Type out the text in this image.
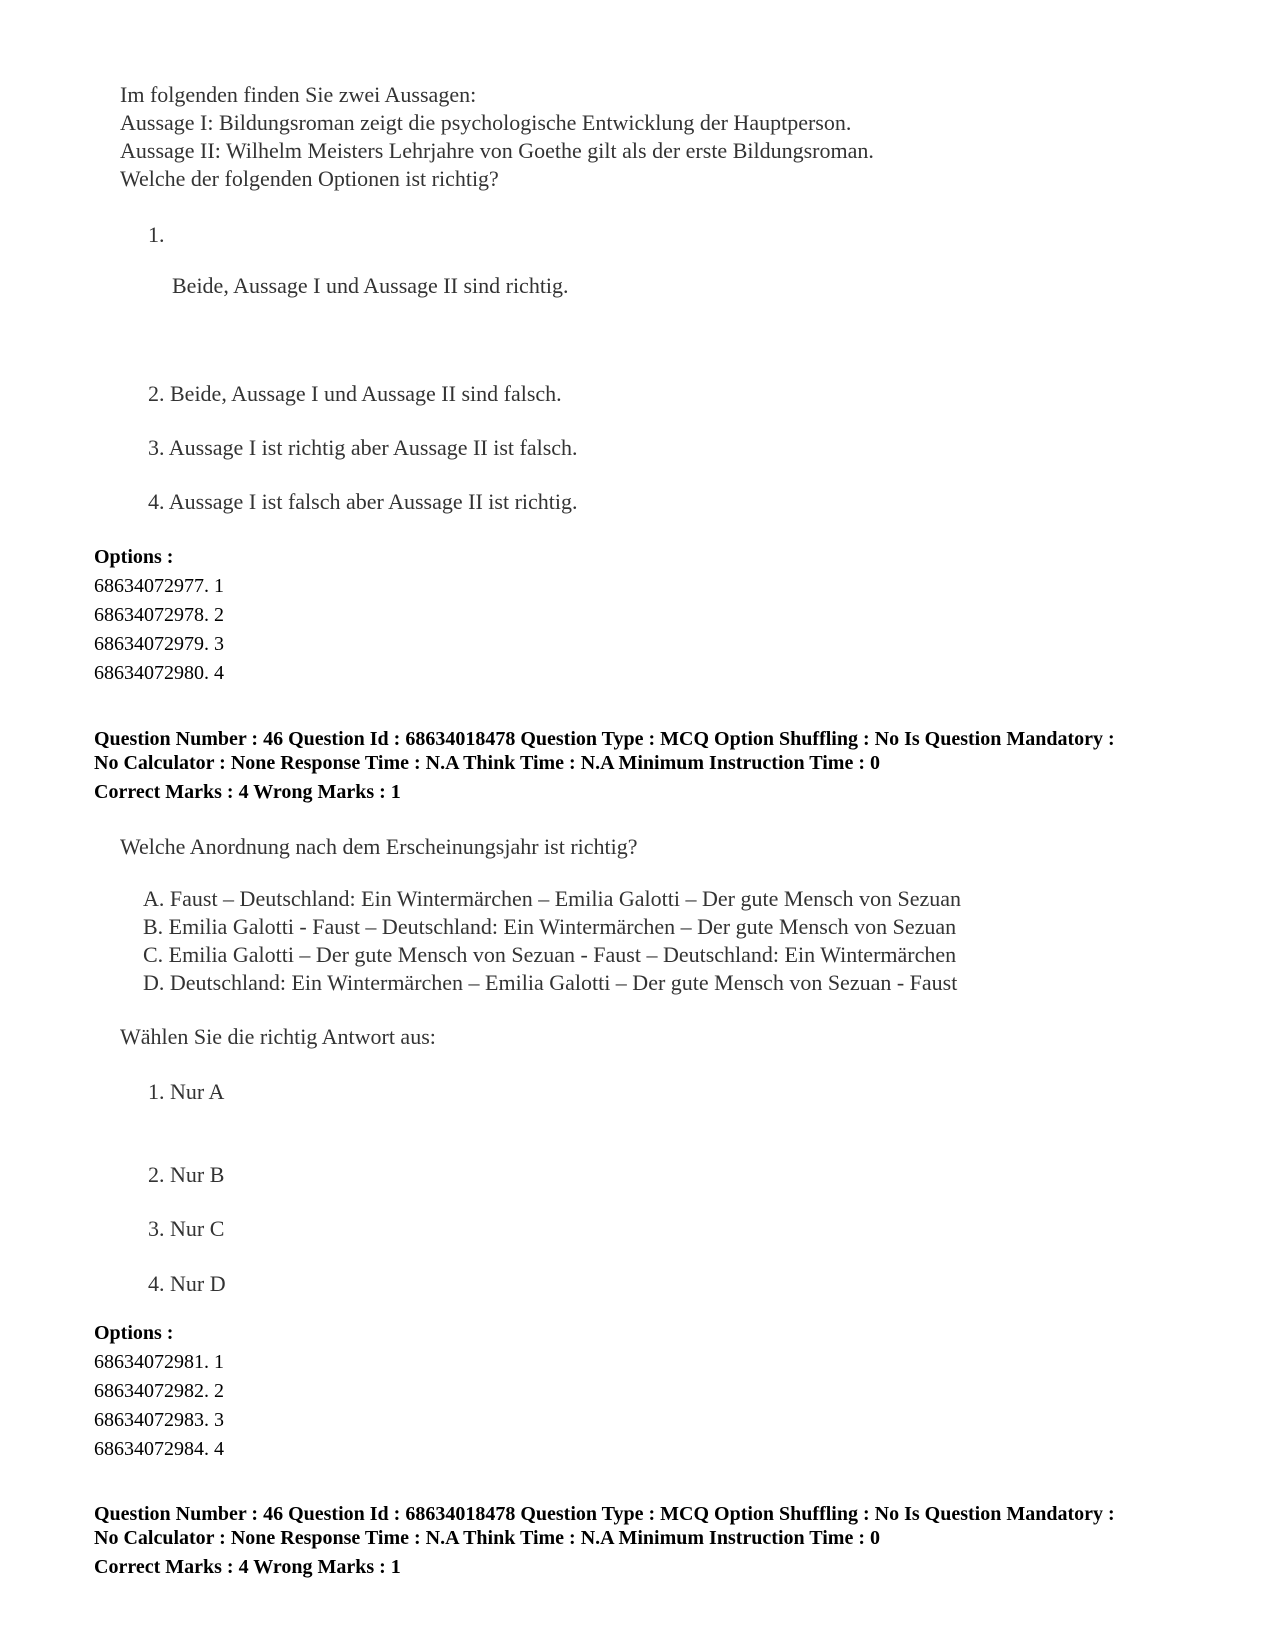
Im folgenden finden Sie zwei Aussagen:
Aussage I: Bildungsroman zeigt die psychologische Entwicklung der Hauptperson.
Aussage II: Wilhelm Meisters Lehrjahre von Goethe gilt als der erste Bildungsroman.
Welche der folgenden Optionen ist richtig?
1.
Beide, Aussage I und Aussage II sind richtig.
2. Beide, Aussage I und Aussage II sind falsch.
3. Aussage I ist richtig aber Aussage II ist falsch.
4. Aussage I ist falsch aber Aussage II ist richtig.
Options :
68634072977. 1
68634072978. 2
68634072979. 3
68634072980. 4
Question Number : 46 Question Id : 68634018478 Question Type : MCQ Option Shuffling : No Is Question Mandatory :
No Calculator : None Response Time : N.A Think Time : N.A Minimum Instruction Time : 0
Correct Marks : 4 Wrong Marks : 1
Welche Anordnung nach dem Erscheinungsjahr ist richtig?
A. Faust – Deutschland: Ein Wintermärchen – Emilia Galotti – Der gute Mensch von Sezuan
B. Emilia Galotti - Faust – Deutschland: Ein Wintermärchen – Der gute Mensch von Sezuan
C. Emilia Galotti – Der gute Mensch von Sezuan - Faust – Deutschland: Ein Wintermärchen
D. Deutschland: Ein Wintermärchen – Emilia Galotti – Der gute Mensch von Sezuan - Faust
Wählen Sie die richtig Antwort aus:
1. Nur A
2. Nur B
3. Nur C
4. Nur D
Options :
68634072981. 1
68634072982. 2
68634072983. 3
68634072984. 4
Question Number : 46 Question Id : 68634018478 Question Type : MCQ Option Shuffling : No Is Question Mandatory :
No Calculator : None Response Time : N.A Think Time : N.A Minimum Instruction Time : 0
Correct Marks : 4 Wrong Marks : 1
